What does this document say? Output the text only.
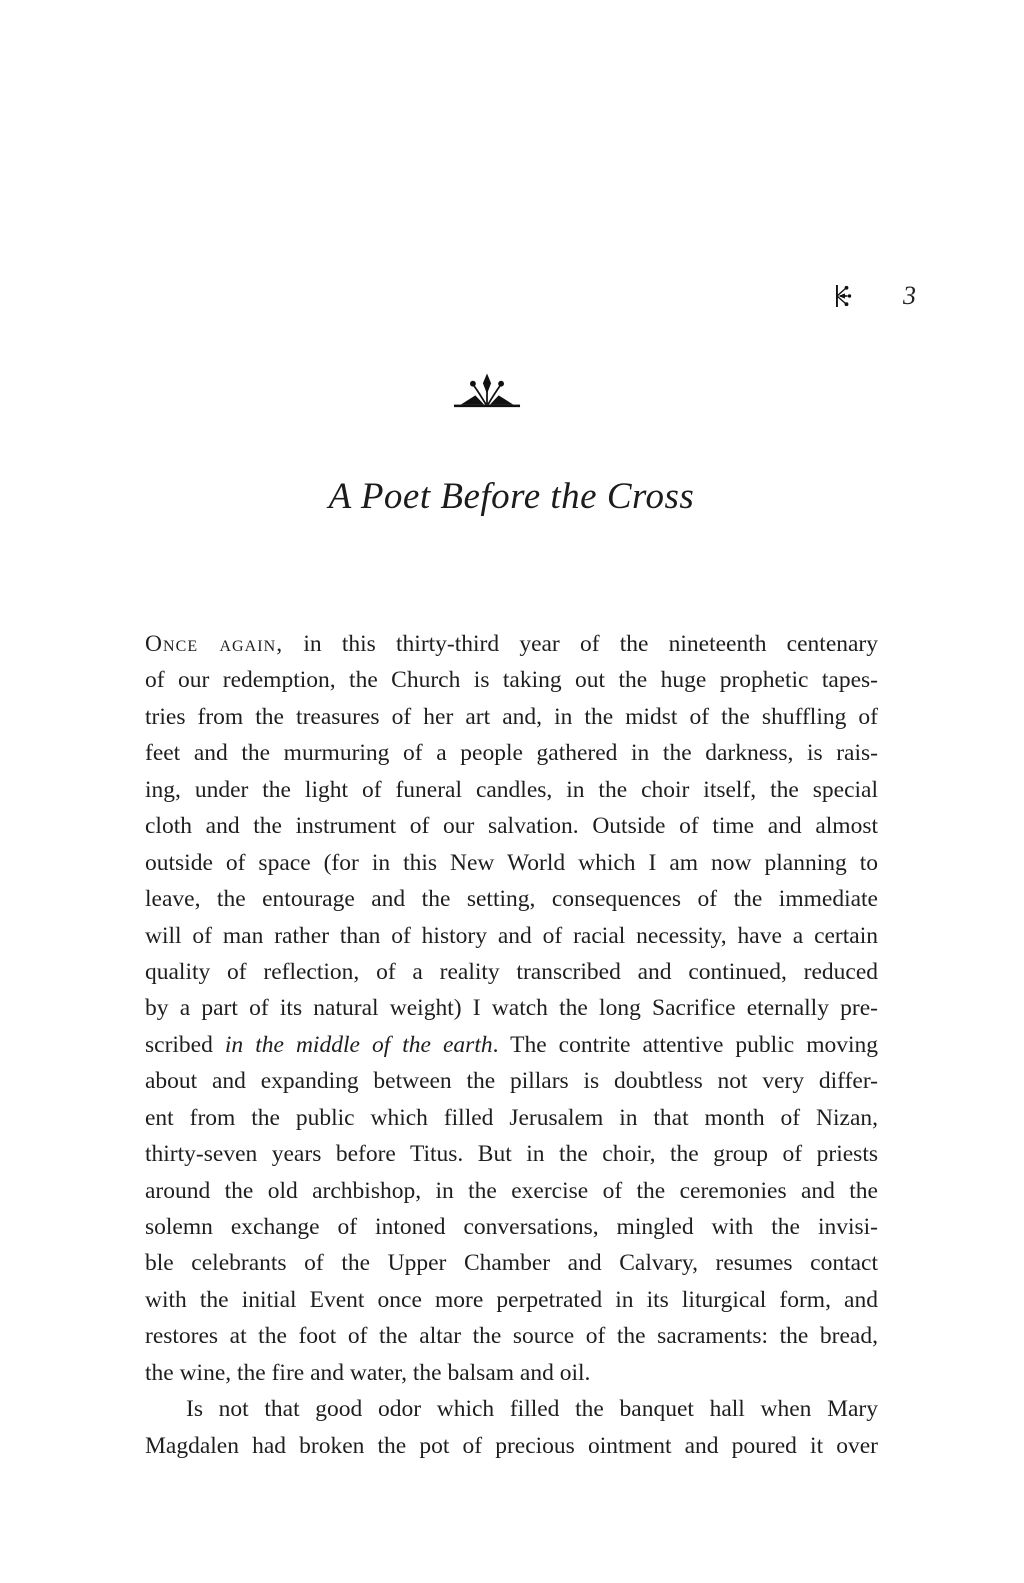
3
A Poet Before the Cross
Once again, in this thirty-third year of the nineteenth centenary
of our redemption, the Church is taking out the huge prophetic tapes-
tries from the treasures of her art and, in the midst of the shuffling of
feet and the murmuring of a people gathered in the darkness, is rais-
ing, under the light of funeral candles, in the choir itself, the special
cloth and the instrument of our salvation. Outside of time and almost
outside of space (for in this New World which I am now planning to
leave, the entourage and the setting, consequences of the immediate
will of man rather than of history and of racial necessity, have a certain
quality of reflection, of a reality transcribed and continued, reduced
by a part of its natural weight) I watch the long Sacrifice eternally pre-
scribed in the middle of the earth. The contrite attentive public moving
about and expanding between the pillars is doubtless not very differ-
ent from the public which filled Jerusalem in that month of Nizan,
thirty-seven years before Titus. But in the choir, the group of priests
around the old archbishop, in the exercise of the ceremonies and the
solemn exchange of intoned conversations, mingled with the invisi-
ble celebrants of the Upper Chamber and Calvary, resumes contact
with the initial Event once more perpetrated in its liturgical form, and
restores at the foot of the altar the source of the sacraments: the bread,
the wine, the fire and water, the balsam and oil.
Is not that good odor which filled the banquet hall when Mary
Magdalen had broken the pot of precious ointment and poured it over
